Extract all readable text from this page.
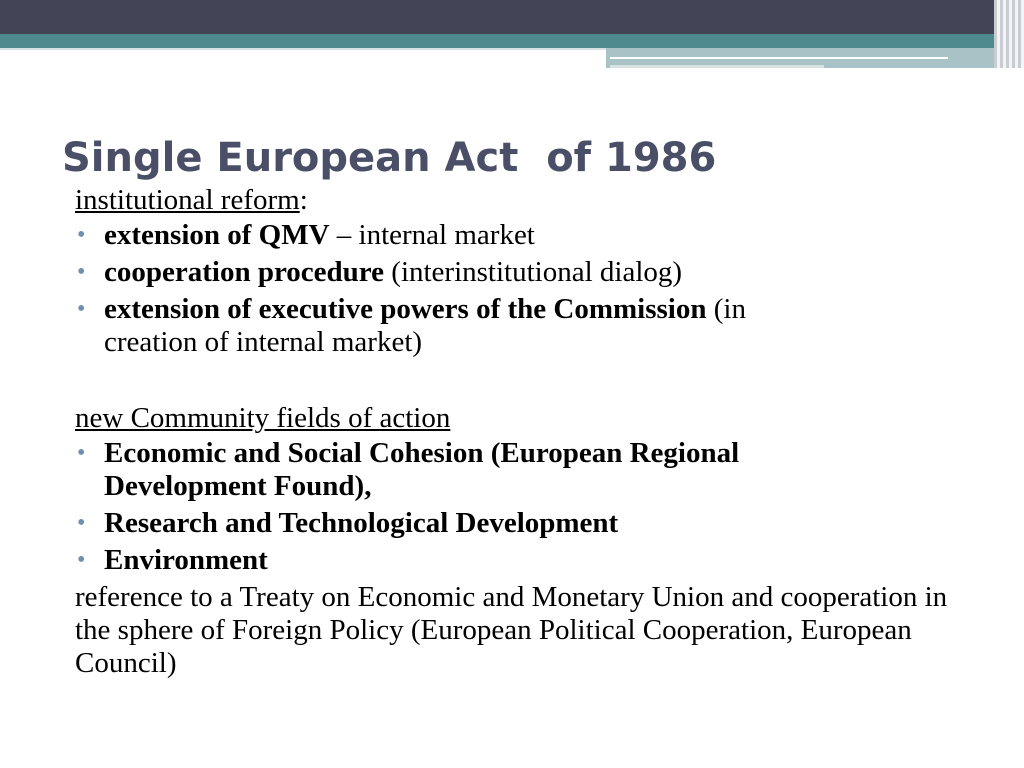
Single European Act  of 1986

institutional reform:

• extension of QMV – internal market
• cooperation procedure (interinstitutional dialog)
• extension of executive powers of the Commission (in creation of internal market)

new Community fields of action

• Economic and Social Cohesion (European Regional Development Found),
• Research and Technological Development
• Environment

reference to a Treaty on Economic and Monetary Union and cooperation in the sphere of Foreign Policy (European Political Cooperation, European Council)
